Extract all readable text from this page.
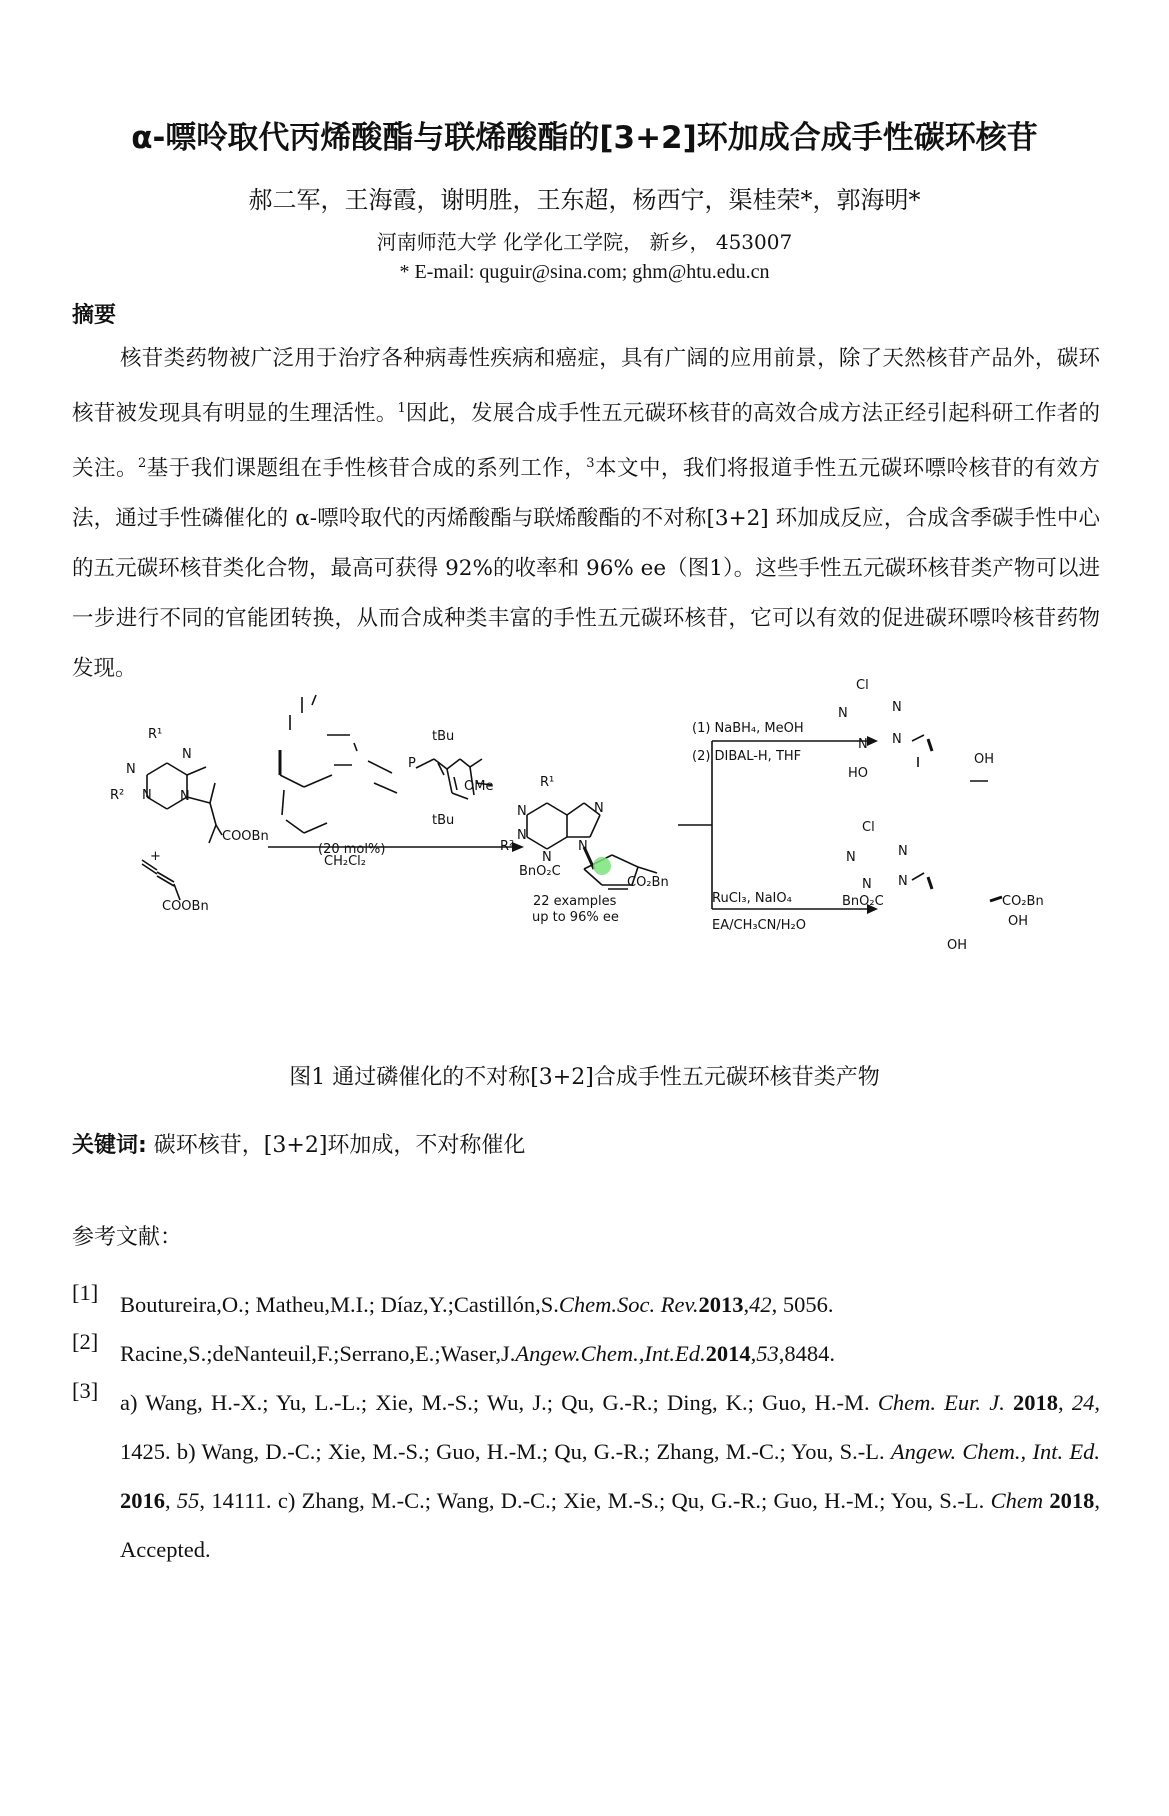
α-嘌呤取代丙烯酸酯与联烯酸酯的[3+2]环加成合成手性碳环核苷
郝二军，王海霞，谢明胜，王东超，杨西宁，渠桂荣*，郭海明*
河南师范大学 化学化工学院， 新乡， 453007
* E-mail: quguir@sina.com; ghm@htu.edu.cn
摘要
核苷类药物被广泛用于治疗各种病毒性疾病和癌症，具有广阔的应用前景，除了天然核苷产品外，碳环核苷被发现具有明显的生理活性。$^1$因此，发展合成手性五元碳环核苷的高效合成方法正经引起科研工作者的关注。$^2$基于我们课题组在手性核苷合成的系列工作，$^3$本文中，我们将报道手性五元碳环嘌呤核苷的有效方法，通过手性磷催化的 α-嘌呤取代的丙烯酸酯与联烯酸酯的不对称[3+2] 环加成反应，合成含季碳手性中心的五元碳环核苷类化合物，最高可获得 92%的收率和 96% ee（图1）。这些手性五元碳环核苷类产物可以进一步进行不同的官能团转换，从而合成种类丰富的手性五元碳环核苷，它可以有效的促进碳环嘌呤核苷药物发现。
R¹
R²
N
N
N N
COOBn
+
COOBn
tBu
P
OMe
tBu
(20 mol%)
CH₂Cl₂
R¹
R²
N
N
N
N
N
BnO₂C
CO₂Bn
22 examples
up to 96% ee
(1) NaBH₄, MeOH
(2) DIBAL-H, THF
RuCl₃, NaIO₄
EA/CH₃CN/H₂O
Cl
N	N
N N
HO
OH
Cl
N	N
N N
BnO₂C	CO₂Bn
OH
OH
图1 通过磷催化的不对称[3+2]合成手性五元碳环核苷类产物
关键词: 碳环核苷，[3+2]环加成，不对称催化
参考文献：
[1] Boutureira,O.; Matheu,M.I.; Díaz,Y.;Castillón,S.Chem.Soc. Rev.2013,42, 5056.
[2] Racine,S.;deNanteuil,F.;Serrano,E.;Waser,J.Angew.Chem.,Int.Ed.2014,53,8484.
[3] a) Wang, H.-X.; Yu, L.-L.; Xie, M.-S.; Wu, J.; Qu, G.-R.; Ding, K.; Guo, H.-M. Chem. Eur. J. 2018, 24, 1425. b) Wang, D.-C.; Xie, M.-S.; Guo, H.-M.; Qu, G.-R.; Zhang, M.-C.; You, S.-L. Angew. Chem., Int. Ed. 2016, 55, 14111. c) Zhang, M.-C.; Wang, D.-C.; Xie, M.-S.; Qu, G.-R.; Guo, H.-M.; You, S.-L. Chem 2018, Accepted.
